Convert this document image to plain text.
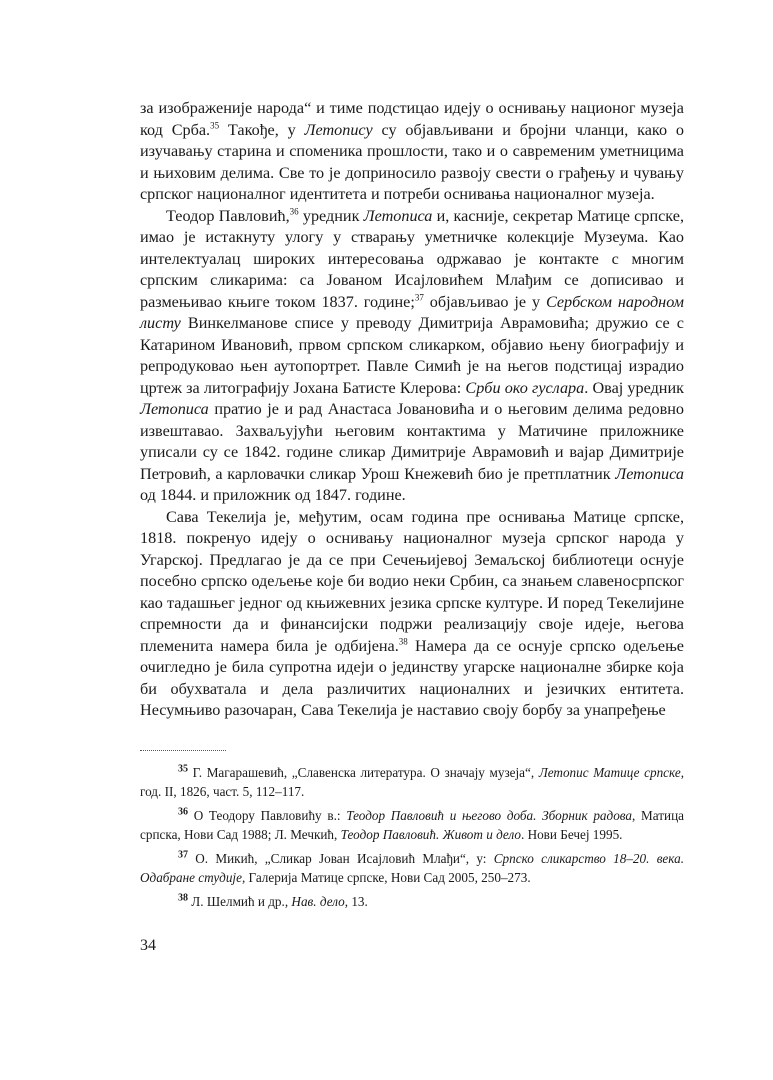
за изображеније народа“ и тиме подстицао идеју о оснивању национог музеја код Срба.$^{35}$ Такође, у Летопису су објављивани и бројни чланци, како о изучавању старина и споменика прошлости, тако и о савременим уметницима и њиховим делима. Све то је доприносило развоју свести о грађењу и чувању српског националног идентитета и потреби оснивања националног музеја.

Теодор Павловић,$^{36}$ уредник Летописа и, касније, секретар Матице српске, имао је истакнуту улогу у стварању уметничке колекције Музеума. Као интелектуалац широких интересовања одржавао је контакте с многим српским сликарима: са Јованом Исајловићем Млађим се дописивао и размењивао књиге током 1837. године;$^{37}$ објављивао је у Сербском народном листу Винкелманове списе у преводу Димитрија Аврамовића; дружио се с Катарином Ивановић, првом српском сликарком, објавио њену биографију и репродуковао њен аутопортрет. Павле Симић је на његов подстицај израдио цртеж за литографију Јохана Батисте Клерова: Срби око гуслара. Овај уредник Летописа пратио је и рад Анастаса Јовановића и о његовим делима редовно извештавао. Захваљујући његовим контактима у Матичине приложнике уписали су се 1842. године сликар Димитрије Аврамовић и вајар Димитрије Петровић, а карловачки сликар Урош Кнежевић био је претплатник Летописа од 1844. и приложник од 1847. године.

Сава Текелија је, међутим, осам година пре оснивања Матице српске, 1818. покренуо идеју о оснивању националног музеја српског народа у Угарској. Предлагао је да се при Сечењијевој Земаљској библиотеци оснује посебно српско одељење које би водио неки Србин, са знањем славеносрпског као тадашњег једног од књижевних језика српске културе. И поред Текелијине спремности да и финансијски подржи реализацију своје идеје, његова племенита намера била је одбијена.$^{38}$ Намера да се оснује српско одељење очигледно је била супротна идеји о јединству угарске националне збирке која би обухватала и дела различитих националних и језичких ентитета. Несумњиво разочаран, Сава Текелија је наставио своју борбу за унапређење

$^{35}$ Г. Магарашевић, „Славенска литература. О значају музеја“, Летопис Матице српске, год. II, 1826, част. 5, 112–117.

$^{36}$ О Теодору Павловићу в.: Теодор Павловић и његово доба. Зборник радова, Матица српска, Нови Сад 1988; Л. Мечкић, Теодор Павловић. Живот и дело. Нови Бечеј 1995.

$^{37}$ О. Микић, „Сликар Јован Исајловић Млађи“, у: Српско сликарство 18–20. века. Одабране студије, Галерија Матице српске, Нови Сад 2005, 250–273.

$^{38}$ Л. Шелмић и др., Нав. дело, 13.

34
